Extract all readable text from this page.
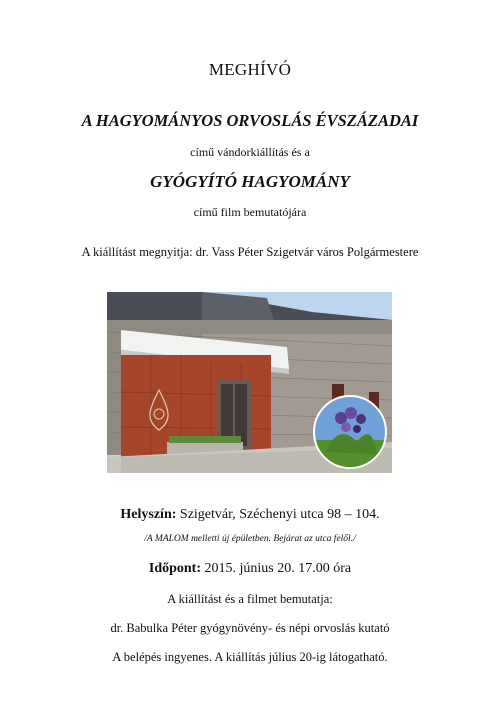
MEGHÍVÓ
A HAGYOMÁNYOS ORVOSLÁS ÉVSZÁZADAI
című vándorkiállítás és a
GYÓGYÍTÓ HAGYOMÁNY
című film bemutatójára
A kiállítást megnyitja: dr. Vass Péter Szigetvár város Polgármestere
Helyszín: Szigetvár, Széchenyi utca 98 – 104.
/A MALOM melletti új épületben. Bejárat az utca felől./
Időpont: 2015. június 20. 17.00 óra
A kiállítást és a filmet bemutatja:
dr. Babulka Péter gyógynövény- és népi orvoslás kutató
A belépés ingyenes. A kiállítás július 20-ig látogatható.
